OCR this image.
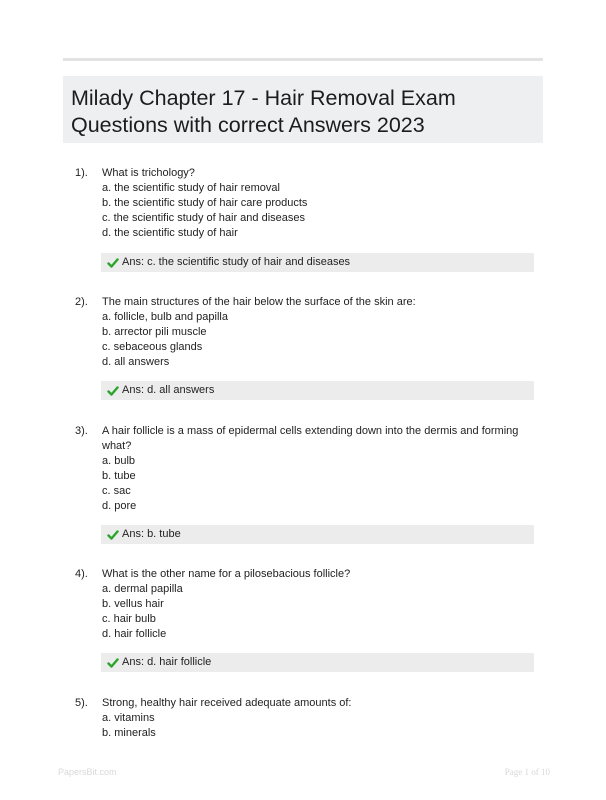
Milady Chapter 17 - Hair Removal Exam Questions with correct Answers 2023
1). What is trichology?
a. the scientific study of hair removal
b. the scientific study of hair care products
c. the scientific study of hair and diseases
d. the scientific study of hair
Ans: c. the scientific study of hair and diseases
2). The main structures of the hair below the surface of the skin are:
a. follicle, bulb and papilla
b. arrector pili muscle
c. sebaceous glands
d. all answers
Ans: d. all answers
3). A hair follicle is a mass of epidermal cells extending down into the dermis and forming what?
a. bulb
b. tube
c. sac
d. pore
Ans: b. tube
4). What is the other name for a pilosebacious follicle?
a. dermal papilla
b. vellus hair
c. hair bulb
d. hair follicle
Ans: d. hair follicle
5). Strong, healthy hair received adequate amounts of:
a. vitamins
b. minerals
PapersBit.com	Page 1 of 10
